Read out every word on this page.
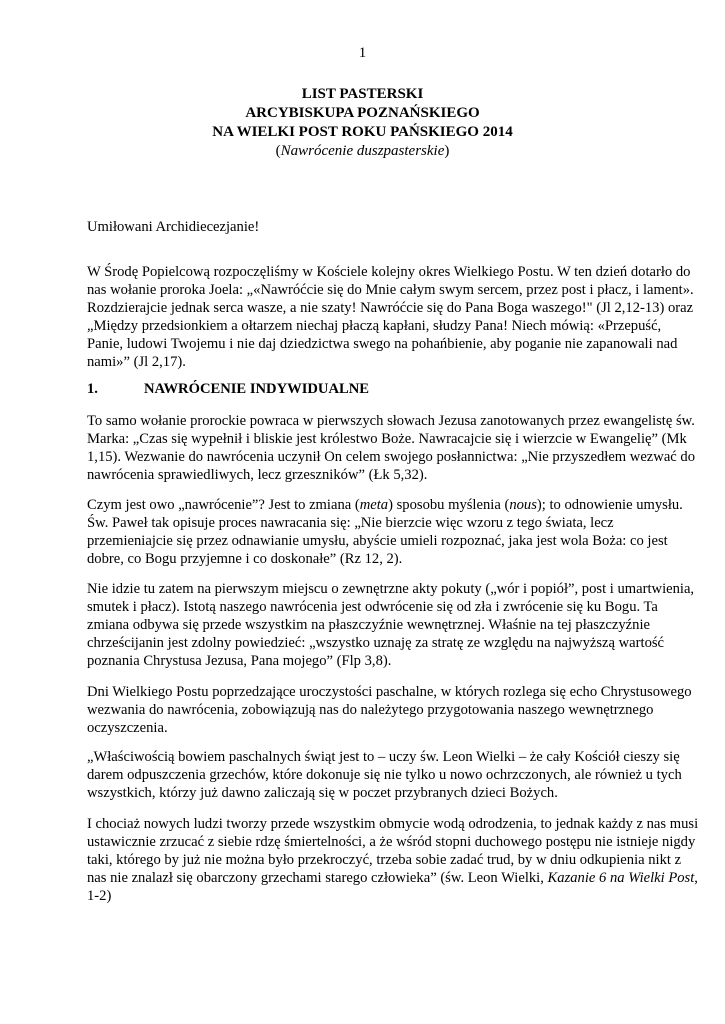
1
LIST PASTERSKI
ARCYBISKUPA POZNAŃSKIEGO
NA WIELKI POST ROKU PAŃSKIEGO 2014
(Nawrócenie duszpasterskie)
Umiłowani Archidiecezjanie!

W Środę Popielcową rozpoczęliśmy w Kościele kolejny okres Wielkiego Postu. W ten dzień dotarło do

nas wołanie proroka Joela: „«Nawróćcie się do Mnie całym swym sercem, przez post i płacz, i lament».

Rozdzierajcie jednak serca wasze, a nie szaty! Nawróćcie się do Pana Boga waszego!" (Jl 2,12-13) oraz

„Między przedsionkiem a ołtarzem niechaj płaczą kapłani, słudzy Pana! Niech mówią: «Przepuść,

Panie, ludowi Twojemu i nie daj dziedzictwa swego na pohańbienie, aby poganie nie zapanowali nad

nami»” (Jl 2,17).

1.	NAWRÓCENIE INDYWIDUALNE

To samo wołanie prorockie powraca w pierwszych słowach Jezusa zanotowanych przez ewangelistę św.

Marka: „Czas się wypełnił i bliskie jest królestwo Boże. Nawracajcie się i wierzcie w Ewangelię” (Mk

1,15). Wezwanie do nawrócenia uczynił On celem swojego posłannictwa: „Nie przyszedłem wezwać do

nawrócenia sprawiedliwych, lecz grzeszników” (Łk 5,32).

Czym jest owo „nawrócenie”? Jest to zmiana (meta) sposobu myślenia (nous); to odnowienie umysłu.

Św. Paweł tak opisuje proces nawracania się: „Nie bierzcie więc wzoru z tego świata, lecz

przemieniajcie się przez odnawianie umysłu, abyście umieli rozpoznać, jaka jest wola Boża: co jest

dobre, co Bogu przyjemne i co doskonałe” (Rz 12, 2).

Nie idzie tu zatem na pierwszym miejscu o zewnętrzne akty pokuty („wór i popiół”, post i umartwienia,

smutek i płacz). Istotą naszego nawrócenia jest odwrócenie się od zła i zwrócenie się ku Bogu. Ta

zmiana odbywa się przede wszystkim na płaszczyźnie wewnętrznej. Właśnie na tej płaszczyźnie

chrześcijanin jest zdolny powiedzieć: „wszystko uznaję za stratę ze względu na najwyższą wartość

poznania Chrystusa Jezusa, Pana mojego” (Flp 3,8).

Dni Wielkiego Postu poprzedzające uroczystości paschalne, w których rozlega się echo Chrystusowego

wezwania do nawrócenia, zobowiązują nas do należytego przygotowania naszego wewnętrznego

oczyszczenia.

„Właściwością bowiem paschalnych świąt jest to – uczy św. Leon Wielki – że cały Kościół cieszy się

darem odpuszczenia grzechów, które dokonuje się nie tylko u nowo ochrzczonych, ale również u tych

wszystkich, którzy już dawno zaliczają się w poczet przybranych dzieci Bożych.

I chociaż nowych ludzi tworzy przede wszystkim obmycie wodą odrodzenia, to jednak każdy z nas musi

ustawicznie zrzucać z siebie rdzę śmiertelności, a że wśród stopni duchowego postępu nie istnieje nigdy

taki, którego by już nie można było przekroczyć, trzeba sobie zadać trud, by w dniu odkupienia nikt z

nas nie znalazł się obarczony grzechami starego człowieka” (św. Leon Wielki, Kazanie 6 na Wielki Post,

1-2)
